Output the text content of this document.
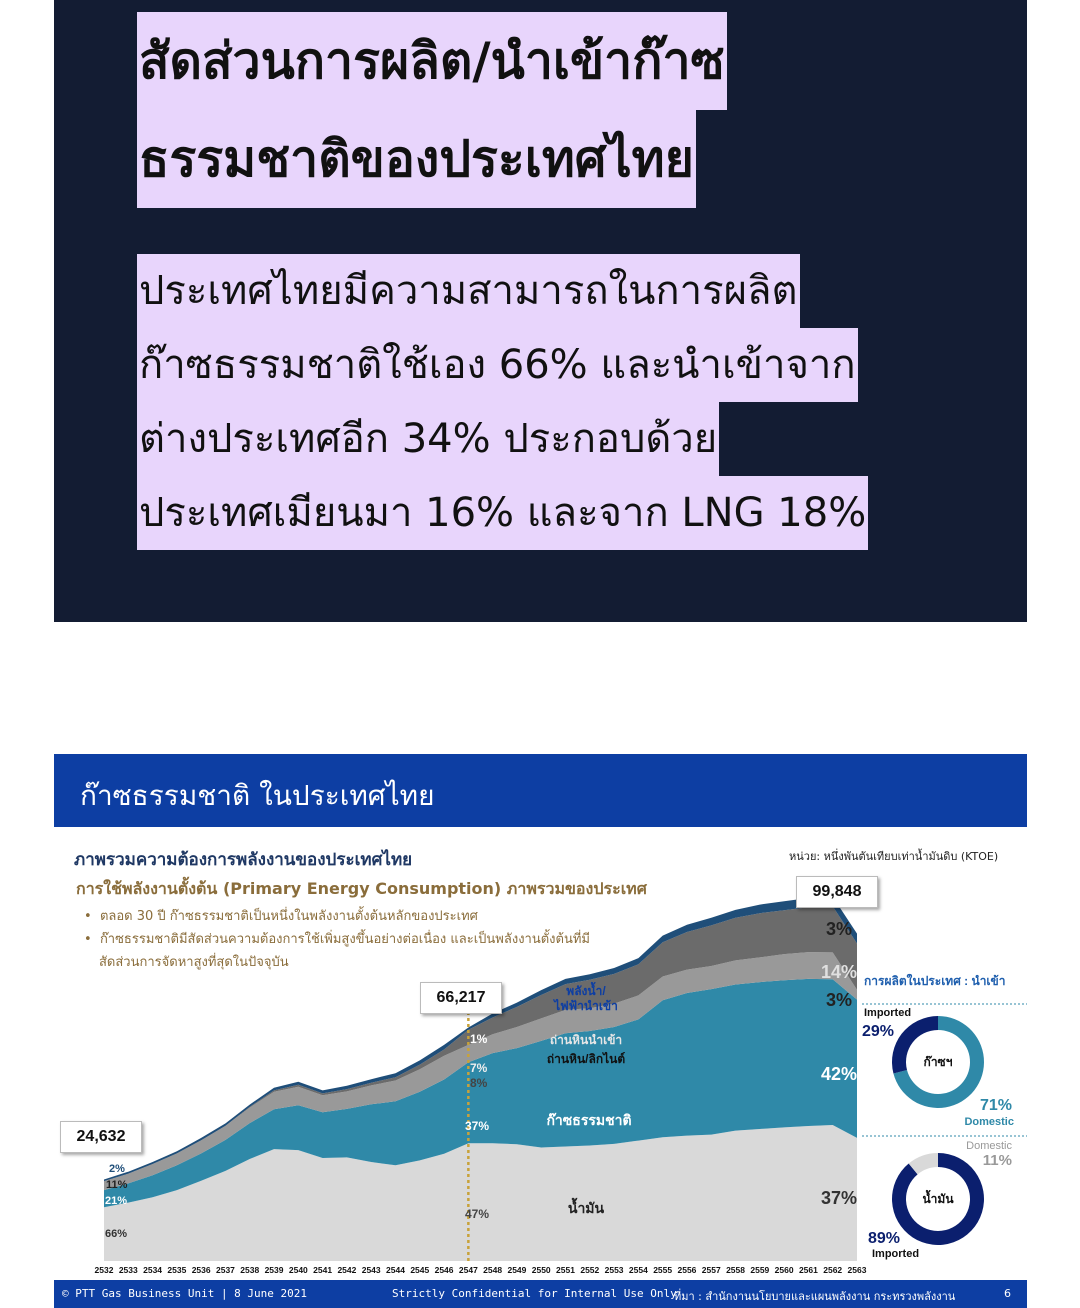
สัดส่วนการผลิต/นำเข้าก๊าซ
ธรรมชาติของประเทศไทย
ประเทศไทยมีความสามารถในการผลิต
ก๊าซธรรมชาติใช้เอง 66% และนำเข้าจาก
ต่างประเทศอีก 34% ประกอบด้วย
ประเทศเมียนมา 16% และจาก LNG 18%
ก๊าซธรรมชาติ ในประเทศไทย
ภาพรวมความต้องการพลังงานของประเทศไทย	หน่วย: หนึ่งพันตันเทียบเท่าน้ำมันดิบ (KTOE)
การใช้พลังงานตั้งต้น (Primary Energy Consumption) ภาพรวมของประเทศ
•  ตลอด 30 ปี ก๊าซธรรมชาติเป็นหนึ่งในพลังงานตั้งต้นหลักของประเทศ
•  ก๊าซธรรมชาติมีสัดส่วนความต้องการใช้เพิ่มสูงขึ้นอย่างต่อเนื่อง และเป็นพลังงานตั้งต้นที่มี
สัดส่วนการจัดหาสูงที่สุดในปัจจุบัน
2532 2533 2534 2535 2536 2537 2538 2539 2540 2541 2542 2543 2544 2545 2546 2547 2548 2549 2550 2551 2552 2553 2554 2555 2556 2557 2558 2559 2560 2561 2562 2563
2%
11%
21%
66%
1%
7%
8%
37%
47%
3%
14%
3%
42%
37%
พลังน้ำ/
ไฟฟ้านำเข้า
ถ่านหินนำเข้า
ถ่านหิน/ลิกไนต์
ก๊าซธรรมชาติ
น้ำมัน
การผลิตในประเทศ : นำเข้า
ก๊าซฯ
Imported
29%
71%
Domestic
น้ำมัน
Domestic
11%
89%
Imported
24,632
66,217
99,848
© PTT Gas Business Unit | 8 June 2021	Strictly Confidential for Internal Use Only
ที่มา : สำนักงานนโยบายและแผนพลังงาน กระทรวงพลังงาน	6
